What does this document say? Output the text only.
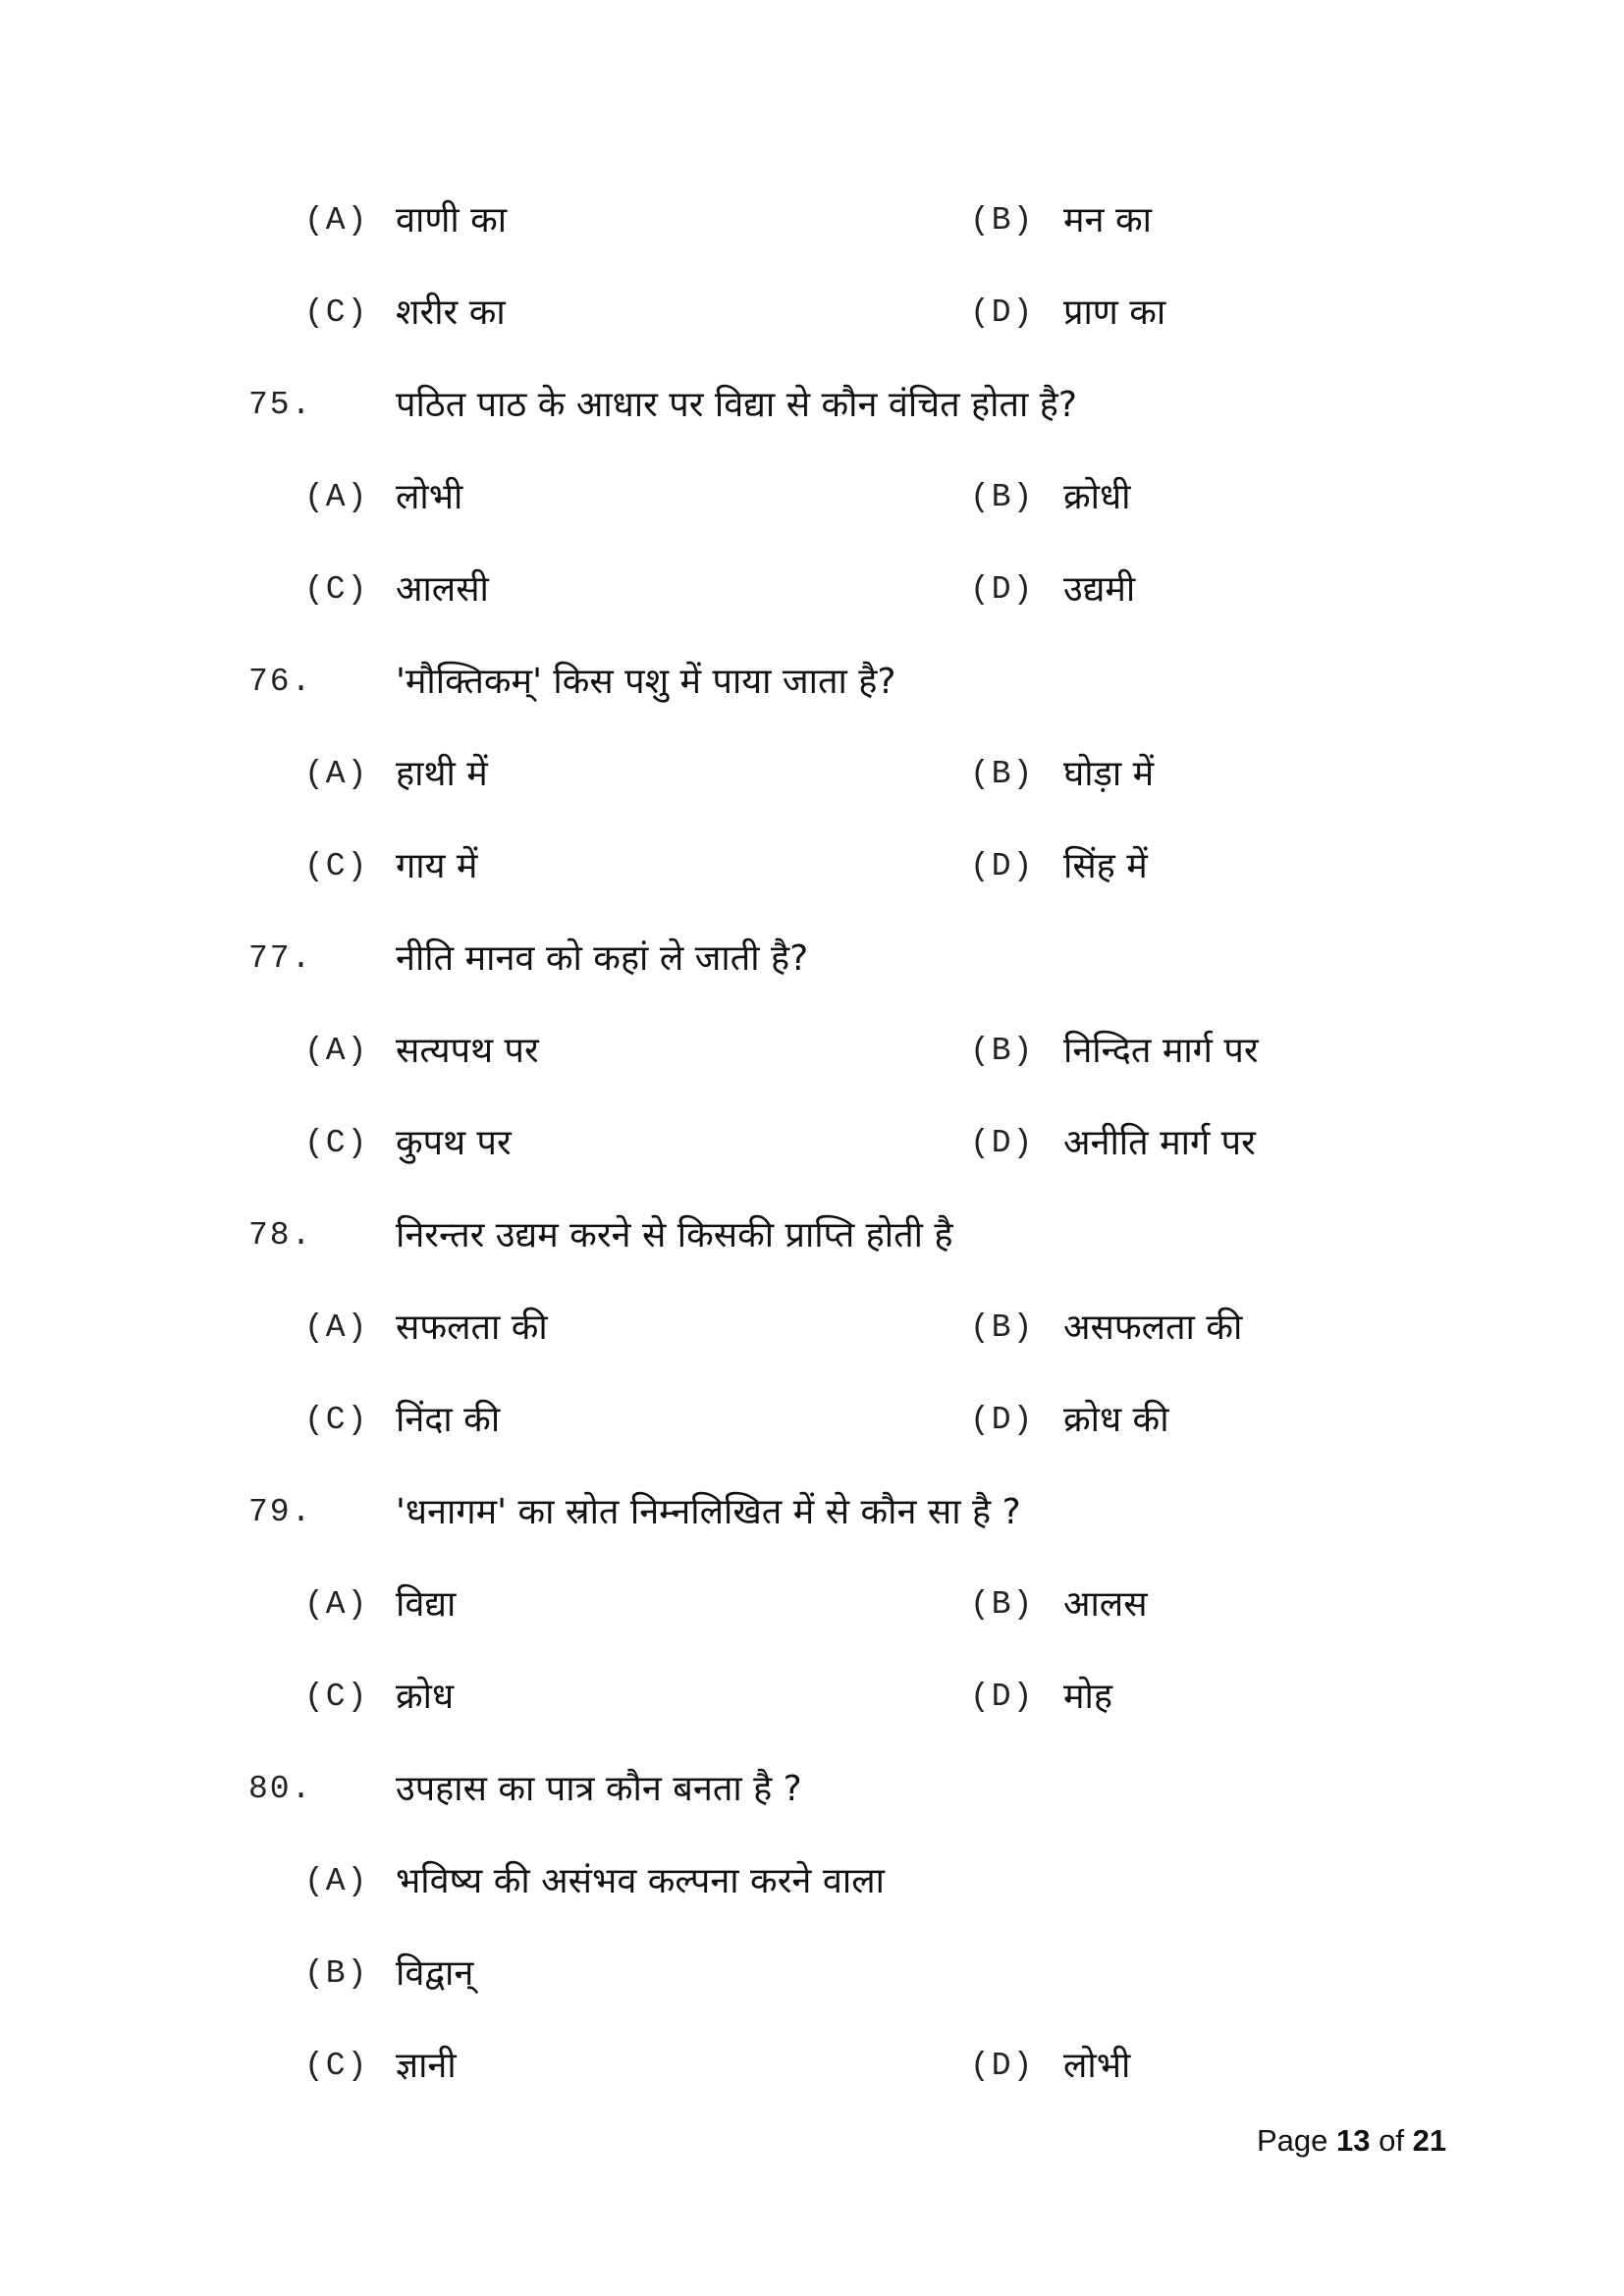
(A) वाणी का	(B) मन का
(C) शरीर का	(D) प्राण का
75. पठित पाठ के आधार पर विद्या से कौन वंचित होता है?
(A) लोभी	(B) क्रोधी
(C) आलसी	(D) उद्यमी
76. 'मौक्तिकम्' किस पशु में पाया जाता है?
(A) हाथी में	(B) घोड़ा में
(C) गाय में	(D) सिंह में
77. नीति मानव को कहां ले जाती है?
(A) सत्यपथ पर	(B) निन्दित मार्ग पर
(C) कुपथ पर	(D) अनीति मार्ग पर
78. निरन्तर उद्यम करने से किसकी प्राप्ति होती है
(A) सफलता की	(B) असफलता की
(C) निंदा की	(D) क्रोध की
79. 'धनागम' का स्रोत निम्नलिखित में से कौन सा है ?
(A) विद्या	(B) आलस
(C) क्रोध	(D) मोह
80. उपहास का पात्र कौन बनता है ?
(A) भविष्य की असंभव कल्पना करने वाला
(B) विद्वान्
(C) ज्ञानी	(D) लोभी
Page 13 of 21
